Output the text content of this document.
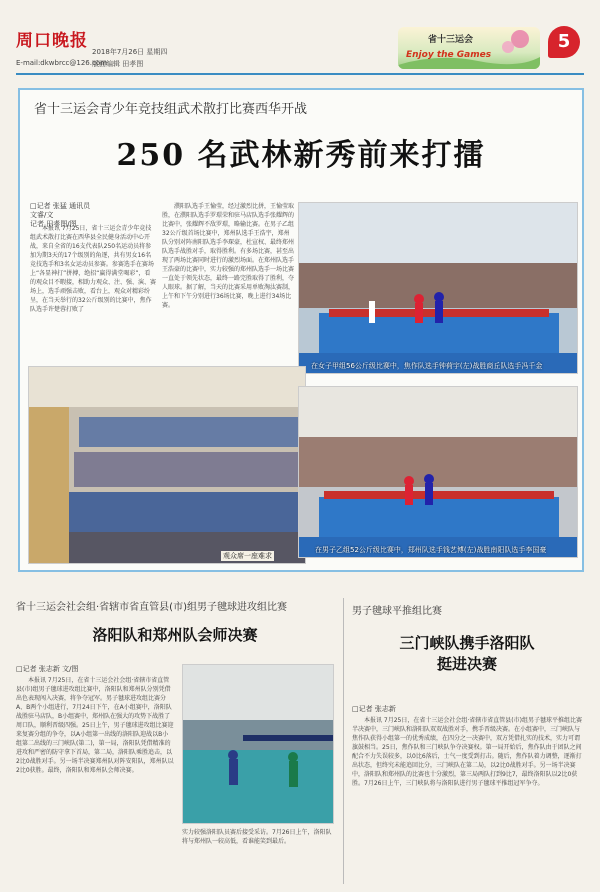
周口晚报
2018年7月26日 星期四
E-mail:dkwbrcc@126.com
版面编辑 田孝图
省十三运会
Enjoy the Games
5
省十三运会青少年竞技组武术散打比赛西华开战
250 名武林新秀前来打擂
□记者 张猛 通讯员 文睿/文
记者 田孝图/图
本报讯 7月25日，省十三运会青少年竞技组武术散打比赛在西华县全民健身活动中心开战，来自全省的16支代表队250名运动员将参加为期3天的17个级别的角逐，共有男女16名竞技选手和3名女运动员参赛。参赛选手在赛场上“各显神打”拼搏，绝招“赢得满堂喝彩”，看的观众目不暇接，相助力观众、注、强、演、赛场上，选手顽强击败，看台上，观众对精彩纷呈，在当天举行的32公斤级别的比赛中，焦作队选手许楚蓉打败了
濮阳队选手王愉莹，经过激烈比拼，王愉莹取胜，在濮阳队选手罗璟荣和驻马店队选手张耀辉的比赛中，张耀辉不敌罗璟，略输比赛。在男子乙组32公斤级首场比赛中，郑州队选手王浩宇，郑州队分别对阵南阳队选手李琛豪，杜宣权、最终郑州队选手战胜对手，取得胜利。有多场比赛，甚至出现了两场比赛同时进行的激烈场面。在郑州队选手王浩豪的比赛中，实力较强的郑州队选手一场比赛一直处于领先状态，最终一路完胜取得了胜利，夺人眼球。据了解，当天的比赛采用单败淘汰赛制，上午和下午分别进行36场比赛，晚上进行34场比赛。
在女子甲组56公斤级比赛中，焦作队选手钟荷宇(左)战胜商丘队选手冯千金
观众席一座难求
在男子乙组52公斤级比赛中，郑州队选手钱艺博(左)战胜南阳队选手李国豪
省十三运会社会组·省辖市省直管县(市)组男子毽球进攻组比赛
洛阳队和郑州队会师决赛
□记者 张志新 文/图
本报讯 7月25日，在省十三运会社会组·省辖市省直管县(市)组男子毽球进攻组比赛中，洛阳队和郑州队分别凭借出色表现闯入决赛，将争夺冠军。男子毽球进攻组比赛分A、B两个小组进行，7月24日下午，在A小组赛中，洛阳队战胜驻马店队，B小组赛中，郑州队在强大的攻势下战胜了周口队，顺利晋级四强。25日上午，男子毽球进攻组比赛迎来复赛分组的争夺，以A小组第一出线的洛阳队迎战以B小组第二出线的三门峡队(第二)，第一局，洛阳队凭借精准的进攻和严密的防守拿下首局，第二局，洛阳队乘胜追击，以2比0战胜对手。另一场半决赛郑州队对阵安阳队，郑州队以2比0获胜。最终，洛阳队和郑州队会师决赛。
实力较强洛阳队员赛后接受采访。7月26日上午，洛阳队将与郑州队一较高低，看谁能笑到最后。
男子毽球平推组比赛
三门峡队携手洛阳队
挺进决赛
□记者 张志新
本报讯 7月25日，在省十三运会社会组·省辖市省直管县(市)组男子毽球平推组比赛半决赛中，三门峡队和洛阳队双双战胜对手，携手晋级决赛。在小组赛中，三门峡队与焦作队获得小组第一的优秀成绩，在四分之一决赛中，双方凭借扎实的技术，实力可谓旗鼓相当。25日，焦作队和三门峡队争夺决赛权。第一局开始后，焦作队由于团队之间配合不力失误较多，以0比6落后，士气一度受到打击。随后，焦作队着力调整，逐渐打出状态，但终究未能追回比分，三门峡队在第二局，以2比0战胜对手。另一场半决赛中，洛阳队和郑州队的比赛也十分激烈，第三局两队打到9比7，最终洛阳队以2比0获胜。7月26日上午，三门峡队将与洛阳队进行男子毽球平推组冠军争夺。
